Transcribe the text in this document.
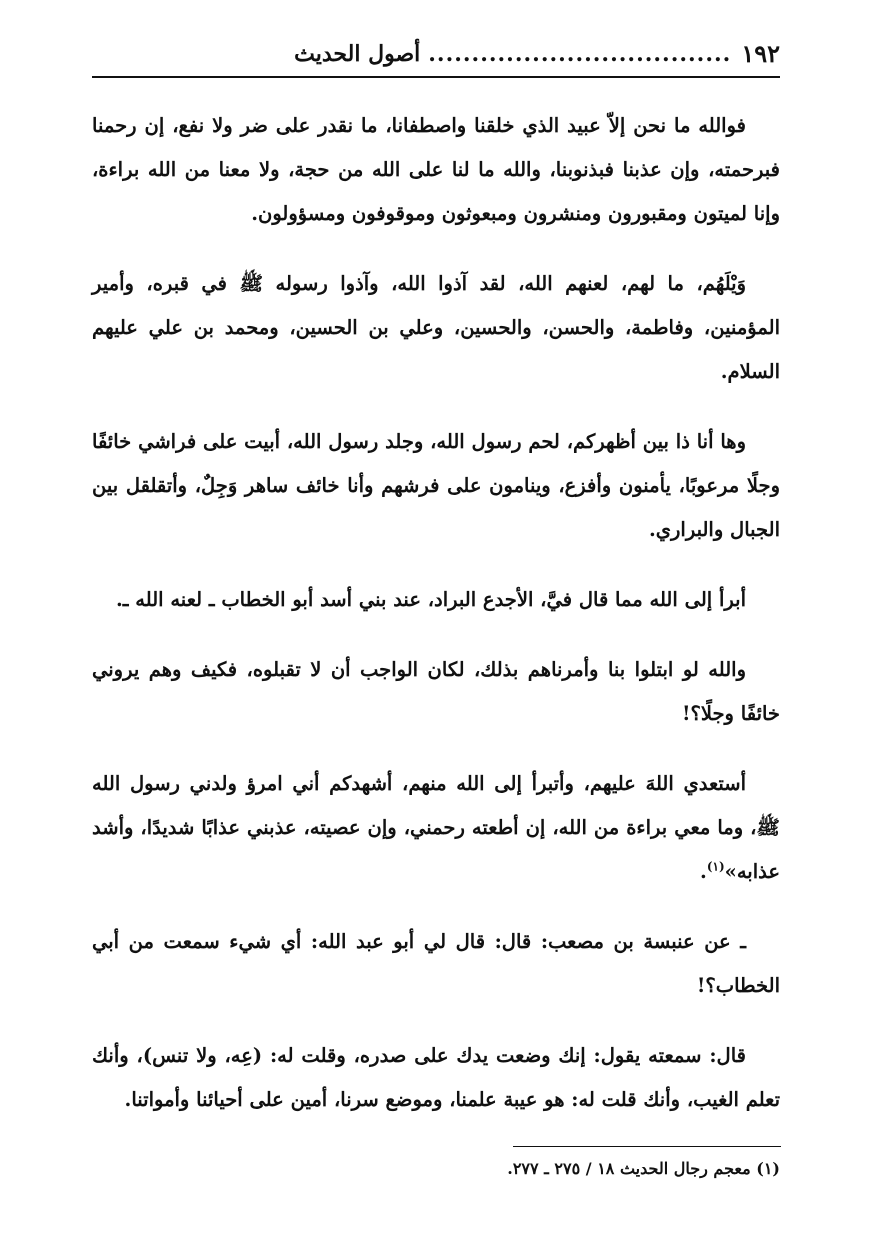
١٩٢
...................................
أصول الحديث

فوالله ما نحن إلاّ عبيد الذي خلقنا واصطفانا، ما نقدر على ضر ولا نفع، إن رحمنا فبرحمته، وإن عذبنا فبذنوبنا، والله ما لنا على الله من حجة، ولا معنا من الله براءة، وإنا لميتون ومقبورون ومنشرون ومبعوثون وموقوفون ومسؤولون.

وَيْلَهُم، ما لهم، لعنهم الله، لقد آذوا الله، وآذوا رسوله ﷺ في قبره، وأمير المؤمنين، وفاطمة، والحسن، والحسين، وعلي بن الحسين، ومحمد بن علي عليهم السلام.

وها أنا ذا بين أظهركم، لحم رسول الله، وجلد رسول الله، أبيت على فراشي خائفًا وجلًا مرعوبًا، يأمنون وأفزع، وينامون على فرشهم وأنا خائف ساهر وَجِلٌ، وأتقلقل بين الجبال والبراري.

أبرأ إلى الله مما قال فيَّ، الأجدع البراد، عند بني أسد أبو الخطاب ـ لعنه الله ـ.

والله لو ابتلوا بنا وأمرناهم بذلك، لكان الواجب أن لا تقبلوه، فكيف وهم يروني خائفًا وجلًا؟!

أستعدي اللهَ عليهم، وأتبرأ إلى الله منهم، أشهدكم أني امرؤ ولدني رسول الله ﷺ، وما معي براءة من الله، إن أطعته رحمني، وإن عصيته، عذبني عذابًا شديدًا، وأشد عذابه»$^{(١)}$.

ـ عن عنبسة بن مصعب: قال: قال لي أبو عبد الله: أي شيء سمعت من أبي الخطاب؟!

قال: سمعته يقول: إنك وضعت يدك على صدره، وقلت له: (عِه، ولا تنس)، وأنك تعلم الغيب، وأنك قلت له: هو عيبة علمنا، وموضع سرنا، أمين على أحيائنا وأمواتنا.

(١) معجم رجال الحديث ١٨ / ٢٧٥ ـ ٢٧٧.
